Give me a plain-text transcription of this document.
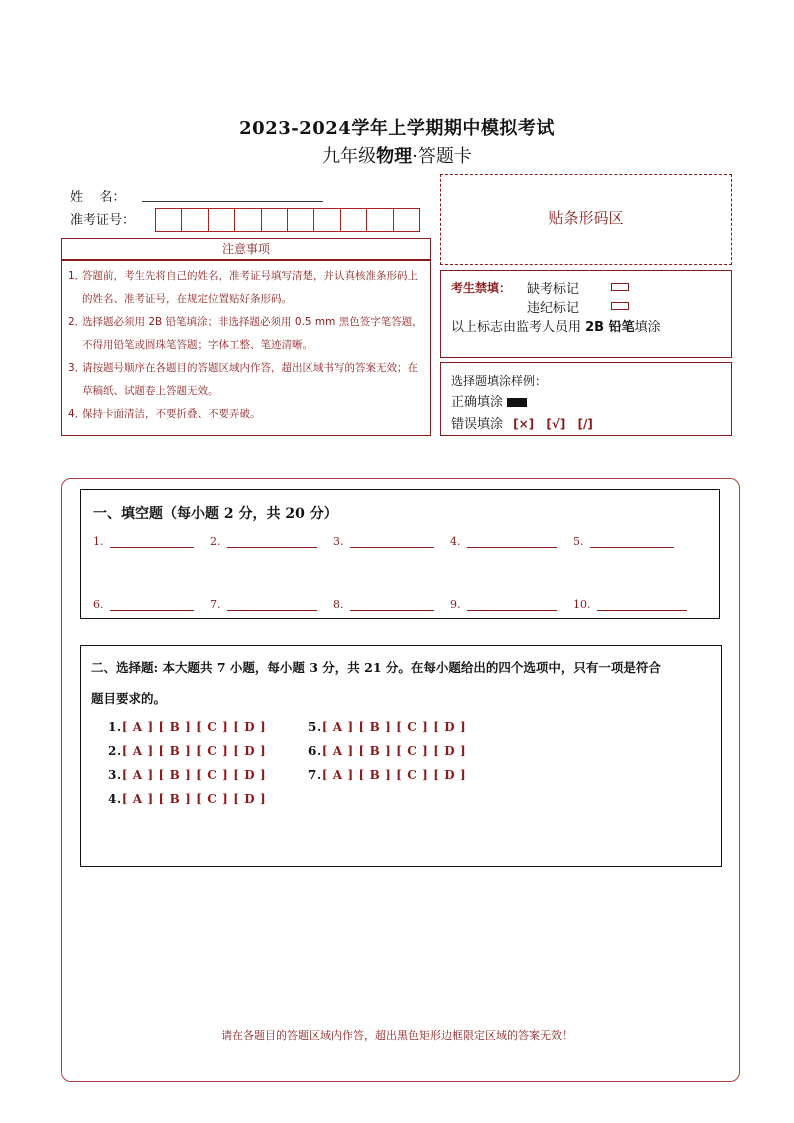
2023-2024学年上学期期中模拟考试
九年级物理·答题卡
姓    名：
准考证号：
注意事项
1．
答题前，考生先将自己的姓名，准考证号填写清楚，并认真核准条形码上的姓名、准考证号，在规定位置贴好条形码。
2．
选择题必须用 2B 铅笔填涂；非选择题必须用 0.5 mm 黑色签字笔答题，不得用铅笔或圆珠笔答题；字体工整、笔迹清晰。
3．
请按题号顺序在各题目的答题区域内作答，超出区域书写的答案无效；在草稿纸、试题卷上答题无效。
4．
保持卡面清洁，不要折叠、不要弄破。
贴条形码区
考生禁填： 缺考标记
违纪标记
以上标志由监考人员用 2B 铅笔填涂
选择题填涂样例：
正确填涂
错误填涂 [×] [√] [/]
一、填空题（每小题 2 分，共 20 分）
1.	2.	3.	4.	5.
6.	7.	8.	9.	10.
二、选择题: 本大题共 7 小题，每小题 3 分，共 21 分。在每小题给出的四个选项中，只有一项是符合
题目要求的。
1.[ A ] [ B ] [ C ] [ D ]
2.[ A ] [ B ] [ C ] [ D ]
3.[ A ] [ B ] [ C ] [ D ]
4.[ A ] [ B ] [ C ] [ D ]
5.[ A ] [ B ] [ C ] [ D ]
6.[ A ] [ B ] [ C ] [ D ]
7.[ A ] [ B ] [ C ] [ D ]
请在各题目的答题区域内作答，超出黑色矩形边框限定区域的答案无效！
